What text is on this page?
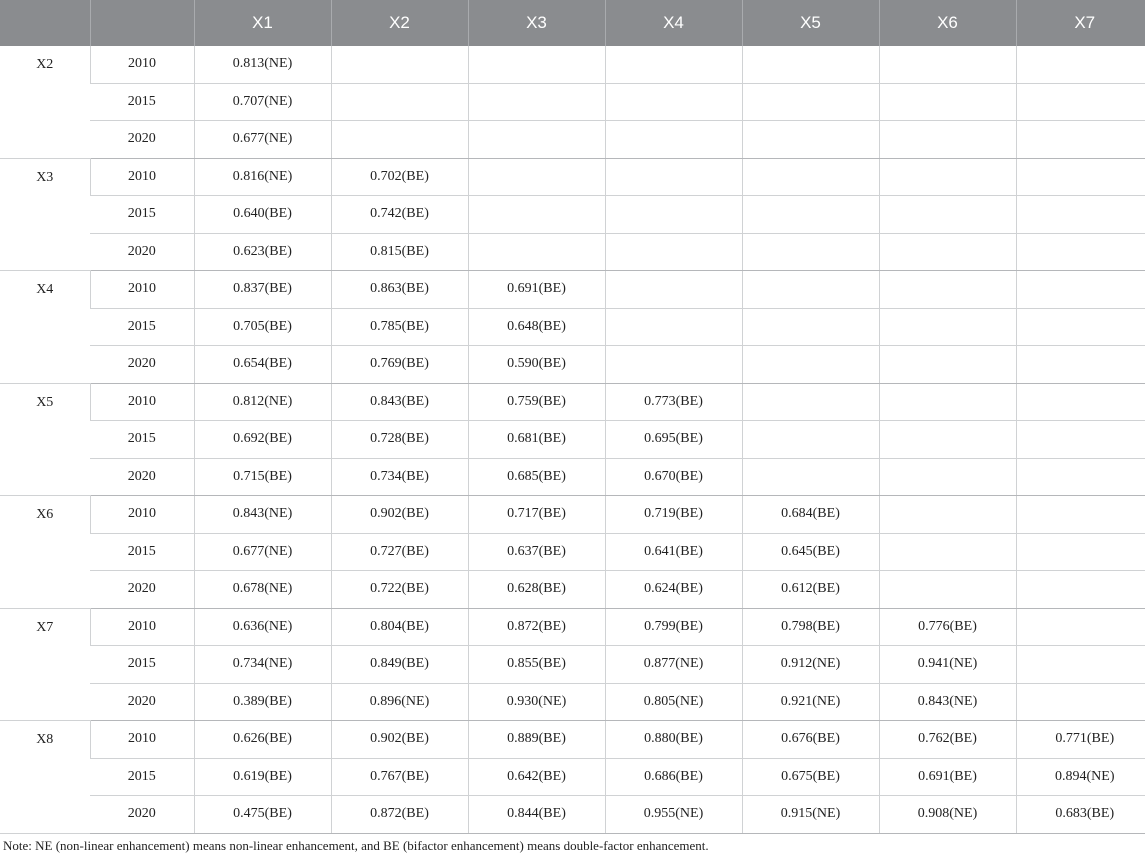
		X1	X2	X3	X4	X5	X6	X7
X2	2010	0.813(NE)						
	2015	0.707(NE)						
	2020	0.677(NE)						
X3	2010	0.816(NE)	0.702(BE)					
	2015	0.640(BE)	0.742(BE)					
	2020	0.623(BE)	0.815(BE)					
X4	2010	0.837(BE)	0.863(BE)	0.691(BE)				
	2015	0.705(BE)	0.785(BE)	0.648(BE)				
	2020	0.654(BE)	0.769(BE)	0.590(BE)				
X5	2010	0.812(NE)	0.843(BE)	0.759(BE)	0.773(BE)			
	2015	0.692(BE)	0.728(BE)	0.681(BE)	0.695(BE)			
	2020	0.715(BE)	0.734(BE)	0.685(BE)	0.670(BE)			
X6	2010	0.843(NE)	0.902(BE)	0.717(BE)	0.719(BE)	0.684(BE)		
	2015	0.677(NE)	0.727(BE)	0.637(BE)	0.641(BE)	0.645(BE)		
	2020	0.678(NE)	0.722(BE)	0.628(BE)	0.624(BE)	0.612(BE)		
X7	2010	0.636(NE)	0.804(BE)	0.872(BE)	0.799(BE)	0.798(BE)	0.776(BE)	
	2015	0.734(NE)	0.849(BE)	0.855(BE)	0.877(NE)	0.912(NE)	0.941(NE)	
	2020	0.389(BE)	0.896(NE)	0.930(NE)	0.805(NE)	0.921(NE)	0.843(NE)	
X8	2010	0.626(BE)	0.902(BE)	0.889(BE)	0.880(BE)	0.676(BE)	0.762(BE)	0.771(BE)
	2015	0.619(BE)	0.767(BE)	0.642(BE)	0.686(BE)	0.675(BE)	0.691(BE)	0.894(NE)
	2020	0.475(BE)	0.872(BE)	0.844(BE)	0.955(NE)	0.915(NE)	0.908(NE)	0.683(BE)
Note: NE (non-linear enhancement) means non-linear enhancement, and BE (bifactor enhancement) means double-factor enhancement.
